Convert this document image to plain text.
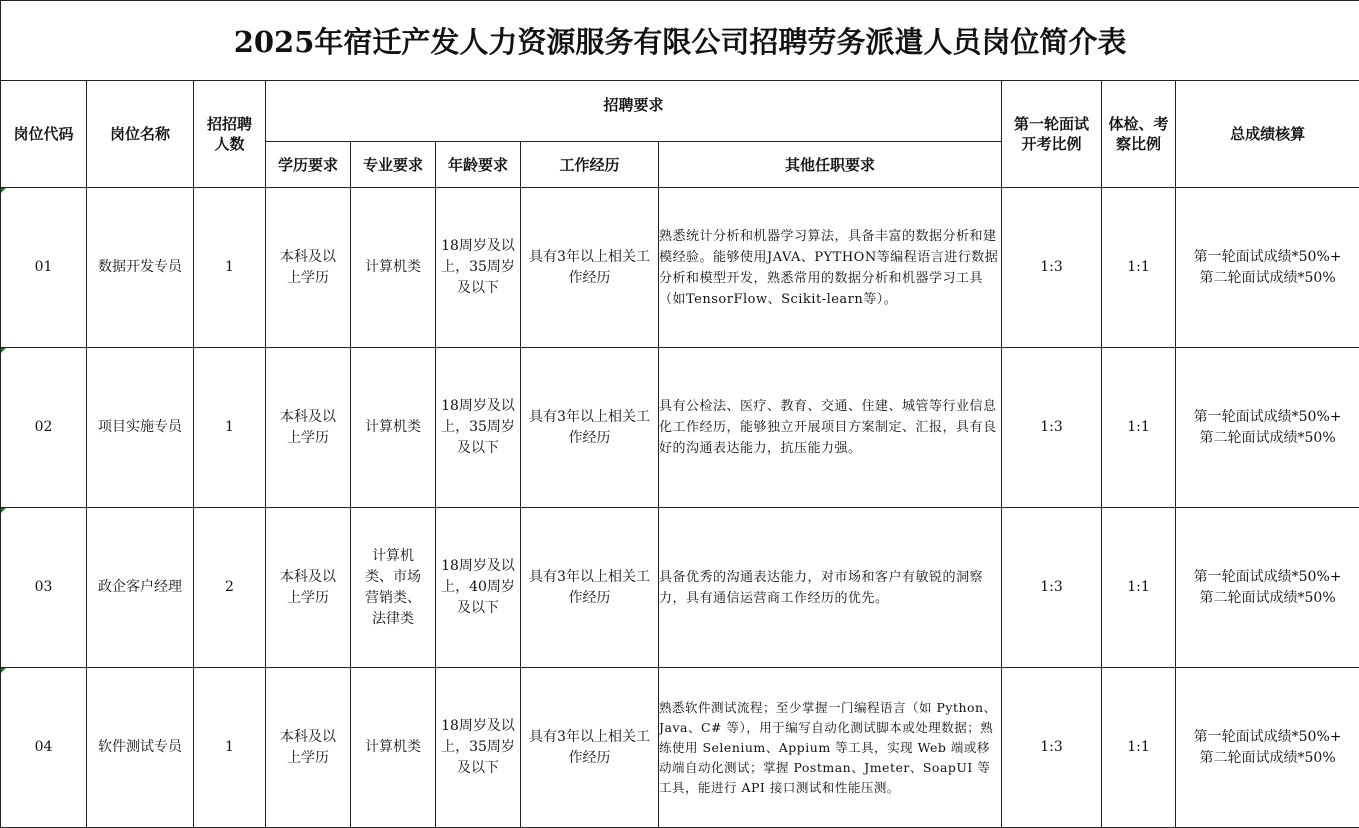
2025年宿迁产发人力资源服务有限公司招聘劳务派遣人员岗位简介表										
岗位代码	岗位名称	招招聘人数	招聘要求					第一轮面试开考比例	体检、考察比例	总成绩核算
			学历要求	专业要求	年龄要求	工作经历	其他任职要求			
01	数据开发专员	1	本科及以上学历	计算机类	18周岁及以上，35周岁及以下	具有3年以上相关工作经历	熟悉统计分析和机器学习算法，具备丰富的数据分析和建模经验。能够使用JAVA、PYTHON等编程语言进行数据分析和模型开发，熟悉常用的数据分析和机器学习工具（如TensorFlow、Scikit-learn等）。	1:3	1:1	第一轮面试成绩*50%+
第二轮面试成绩*50%

02	项目实施专员	1	本科及以上学历	计算机类	18周岁及以上，35周岁及以下	具有3年以上相关工作经历	具有公检法、医疗、教育、交通、住建、城管等行业信息化工作经历，能够独立开展项目方案制定、汇报，具有良好的沟通表达能力，抗压能力强。	1:3	1:1	第一轮面试成绩*50%+
第二轮面试成绩*50%

03	政企客户经理	2	本科及以上学历	计算机类、市场营销类、法律类	18周岁及以上，40周岁及以下	具有3年以上相关工作经历	具备优秀的沟通表达能力，对市场和客户有敏锐的洞察力，具有通信运营商工作经历的优先。	1:3	1:1	第一轮面试成绩*50%+
第二轮面试成绩*50%

04	软件测试专员	1	本科及以上学历	计算机类	18周岁及以上，35周岁及以下	具有3年以上相关工作经历	熟悉软件测试流程；至少掌握一门编程语言（如 Python、Java、C# 等），用于编写自动化测试脚本或处理数据；熟练使用 Selenium、Appium 等工具，实现 Web 端或移动端自动化测试；掌握 Postman、Jmeter、SoapUI 等工具，能进行 API 接口测试和性能压测。	1:3	1:1	第一轮面试成绩*50%+
第二轮面试成绩*50%
